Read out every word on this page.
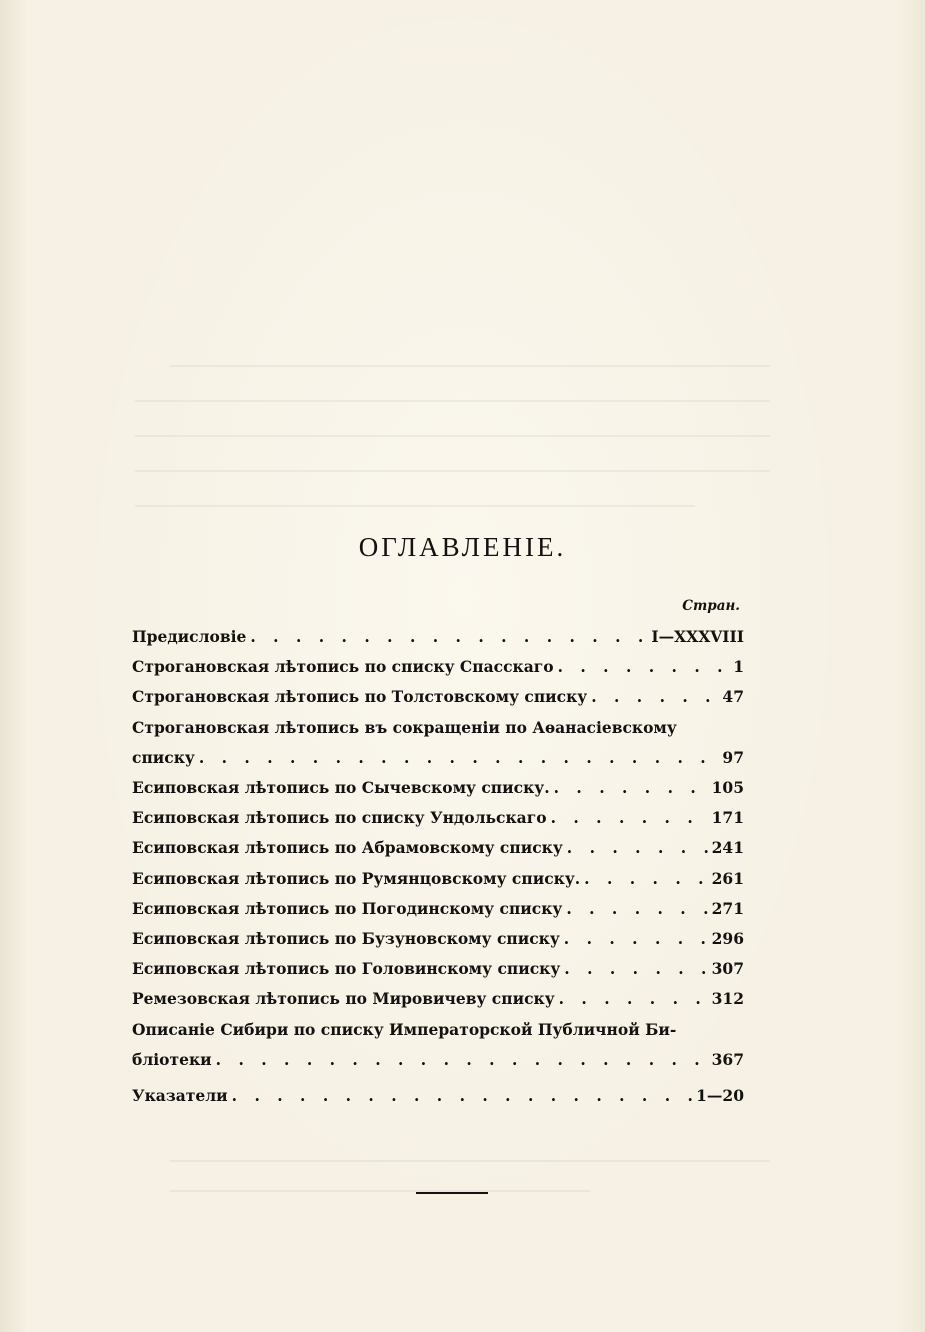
ОГЛАВЛЕНІЕ.
Стран.
Предисловіе . . .	I—XXXVIII
Строгановская лѣтопись по списку Спасскаго . . .	1
Строгановская лѣтопись по Толстовскому списку . . .	47
Строгановская лѣтопись въ сокращеніи по Аѳанасіевскому
списку . . .	97
Есиповская лѣтопись по Сычевскому списку. . . .	105
Есиповская лѣтопись по списку Ундольскаго . . .	171
Есиповская лѣтопись по Абрамовскому списку . . .	241
Есиповская лѣтопись по Румянцовскому списку. . . .	261
Есиповская лѣтопись по Погодинскому списку . . .	271
Есиповская лѣтопись по Бузуновскому списку . . .	296
Есиповская лѣтопись по Головинскому списку . . .	307
Ремезовская лѣтопись по Мировичеву списку . . .	312
Описаніе Сибири по списку Императорской Публичной Би-
бліотеки . . .	367
Указатели . . .	1—20
